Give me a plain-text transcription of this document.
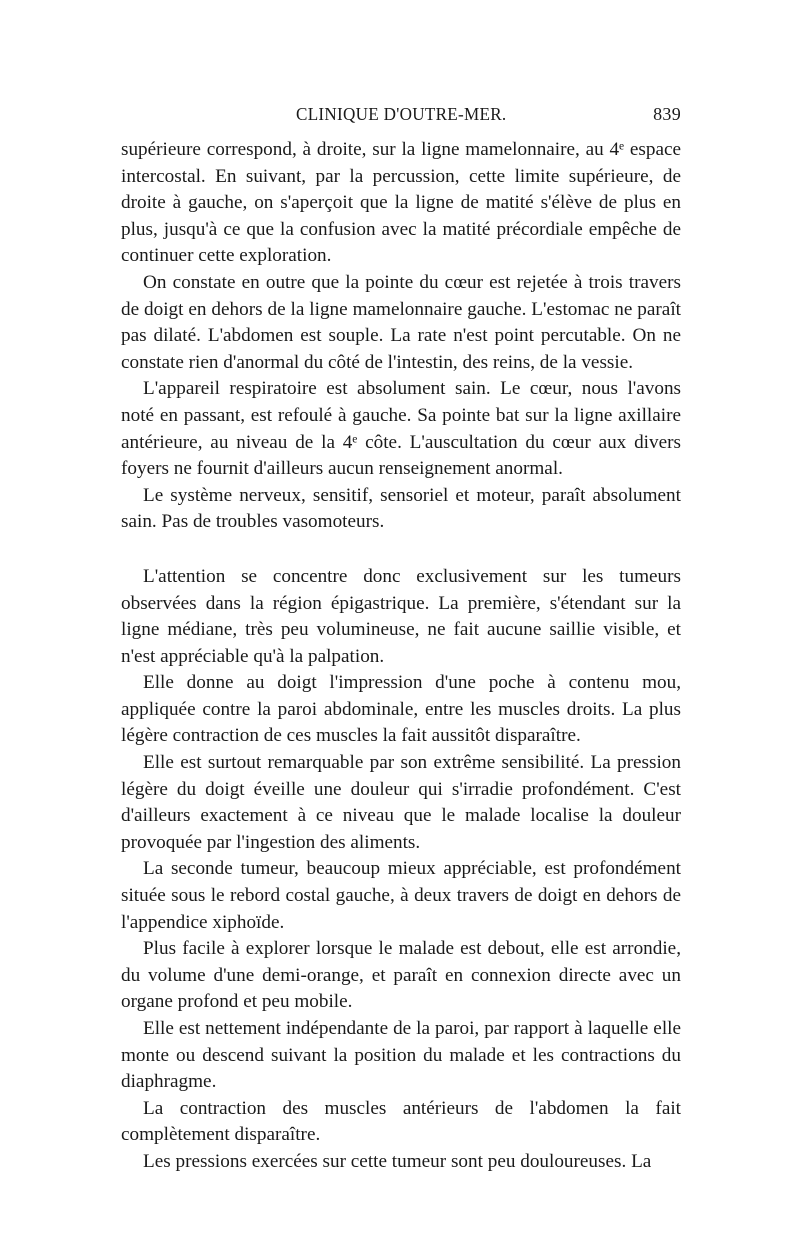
CLINIQUE D'OUTRE-MER.	839

supérieure correspond, à droite, sur la ligne mamelonnaire, au 4ᵉ espace intercostal. En suivant, par la percussion, cette limite supérieure, de droite à gauche, on s'aperçoit que la ligne de matité s'élève de plus en plus, jusqu'à ce que la confusion avec la matité précordiale empêche de continuer cette exploration.

On constate en outre que la pointe du cœur est rejetée à trois travers de doigt en dehors de la ligne mamelonnaire gauche. L'estomac ne paraît pas dilaté. L'abdomen est souple. La rate n'est point percutable. On ne constate rien d'anormal du côté de l'intestin, des reins, de la vessie.

L'appareil respiratoire est absolument sain. Le cœur, nous l'avons noté en passant, est refoulé à gauche. Sa pointe bat sur la ligne axillaire antérieure, au niveau de la 4ᵉ côte. L'auscultation du cœur aux divers foyers ne fournit d'ailleurs aucun renseignement anormal.

Le système nerveux, sensitif, sensoriel et moteur, paraît absolument sain. Pas de troubles vasomoteurs.

L'attention se concentre donc exclusivement sur les tumeurs observées dans la région épigastrique. La première, s'étendant sur la ligne médiane, très peu volumineuse, ne fait aucune saillie visible, et n'est appréciable qu'à la palpation.

Elle donne au doigt l'impression d'une poche à contenu mou, appliquée contre la paroi abdominale, entre les muscles droits. La plus légère contraction de ces muscles la fait aussitôt disparaître.

Elle est surtout remarquable par son extrême sensibilité. La pression légère du doigt éveille une douleur qui s'irradie profondément. C'est d'ailleurs exactement à ce niveau que le malade localise la douleur provoquée par l'ingestion des aliments.

La seconde tumeur, beaucoup mieux appréciable, est profondément située sous le rebord costal gauche, à deux travers de doigt en dehors de l'appendice xiphoïde.

Plus facile à explorer lorsque le malade est debout, elle est arrondie, du volume d'une demi-orange, et paraît en connexion directe avec un organe profond et peu mobile.

Elle est nettement indépendante de la paroi, par rapport à laquelle elle monte ou descend suivant la position du malade et les contractions du diaphragme.

La contraction des muscles antérieurs de l'abdomen la fait complètement disparaître.

Les pressions exercées sur cette tumeur sont peu douloureuses. La
